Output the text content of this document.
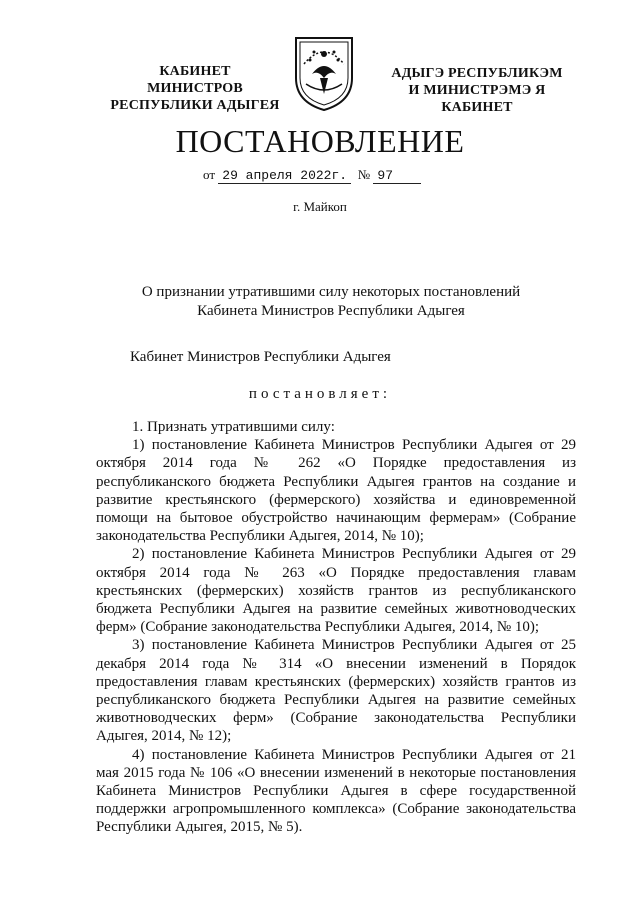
КАБИНЕТ МИНИСТРОВ
РЕСПУБЛИКИ АДЫГЕЯ
АДЫГЭ РЕСПУБЛИКЭМ
И МИНИСТРЭМЭ Я КАБИНЕТ
ПОСТАНОВЛЕНИЕ
от 29 апреля 2022г. № 97
г. Майкоп
О признании утратившими силу некоторых постановлений
Кабинета Министров Республики Адыгея
Кабинет Министров Республики Адыгея
постановляет:

1. Признать утратившими силу:

1) постановление Кабинета Министров Республики Адыгея от 29 октября 2014 года № 262 «О Порядке предоставления из республиканского бюджета Республики Адыгея грантов на создание и развитие крестьянского (фермерского) хозяйства и единовременной помощи на бытовое обустройство начинающим фермерам» (Собрание законодательства Республики Адыгея, 2014, № 10);

2) постановление Кабинета Министров Республики Адыгея от 29 октября 2014 года № 263 «О Порядке предоставления главам крестьянских (фермерских) хозяйств грантов из республиканского бюджета Республики Адыгея на развитие семейных животноводческих ферм» (Собрание законодательства Республики Адыгея, 2014, № 10);

3) постановление Кабинета Министров Республики Адыгея от 25 декабря 2014 года № 314 «О внесении изменений в Порядок предоставления главам крестьянских (фермерских) хозяйств грантов из республиканского бюджета Республики Адыгея на развитие семейных животноводческих ферм» (Собрание законодательства Республики Адыгея, 2014, № 12);

4) постановление Кабинета Министров Республики Адыгея от 21 мая 2015 года № 106 «О внесении изменений в некоторые постановления Кабинета Министров Республики Адыгея в сфере государственной поддержки агропромышленного комплекса» (Собрание законодательства Республики Адыгея, 2015, № 5).
